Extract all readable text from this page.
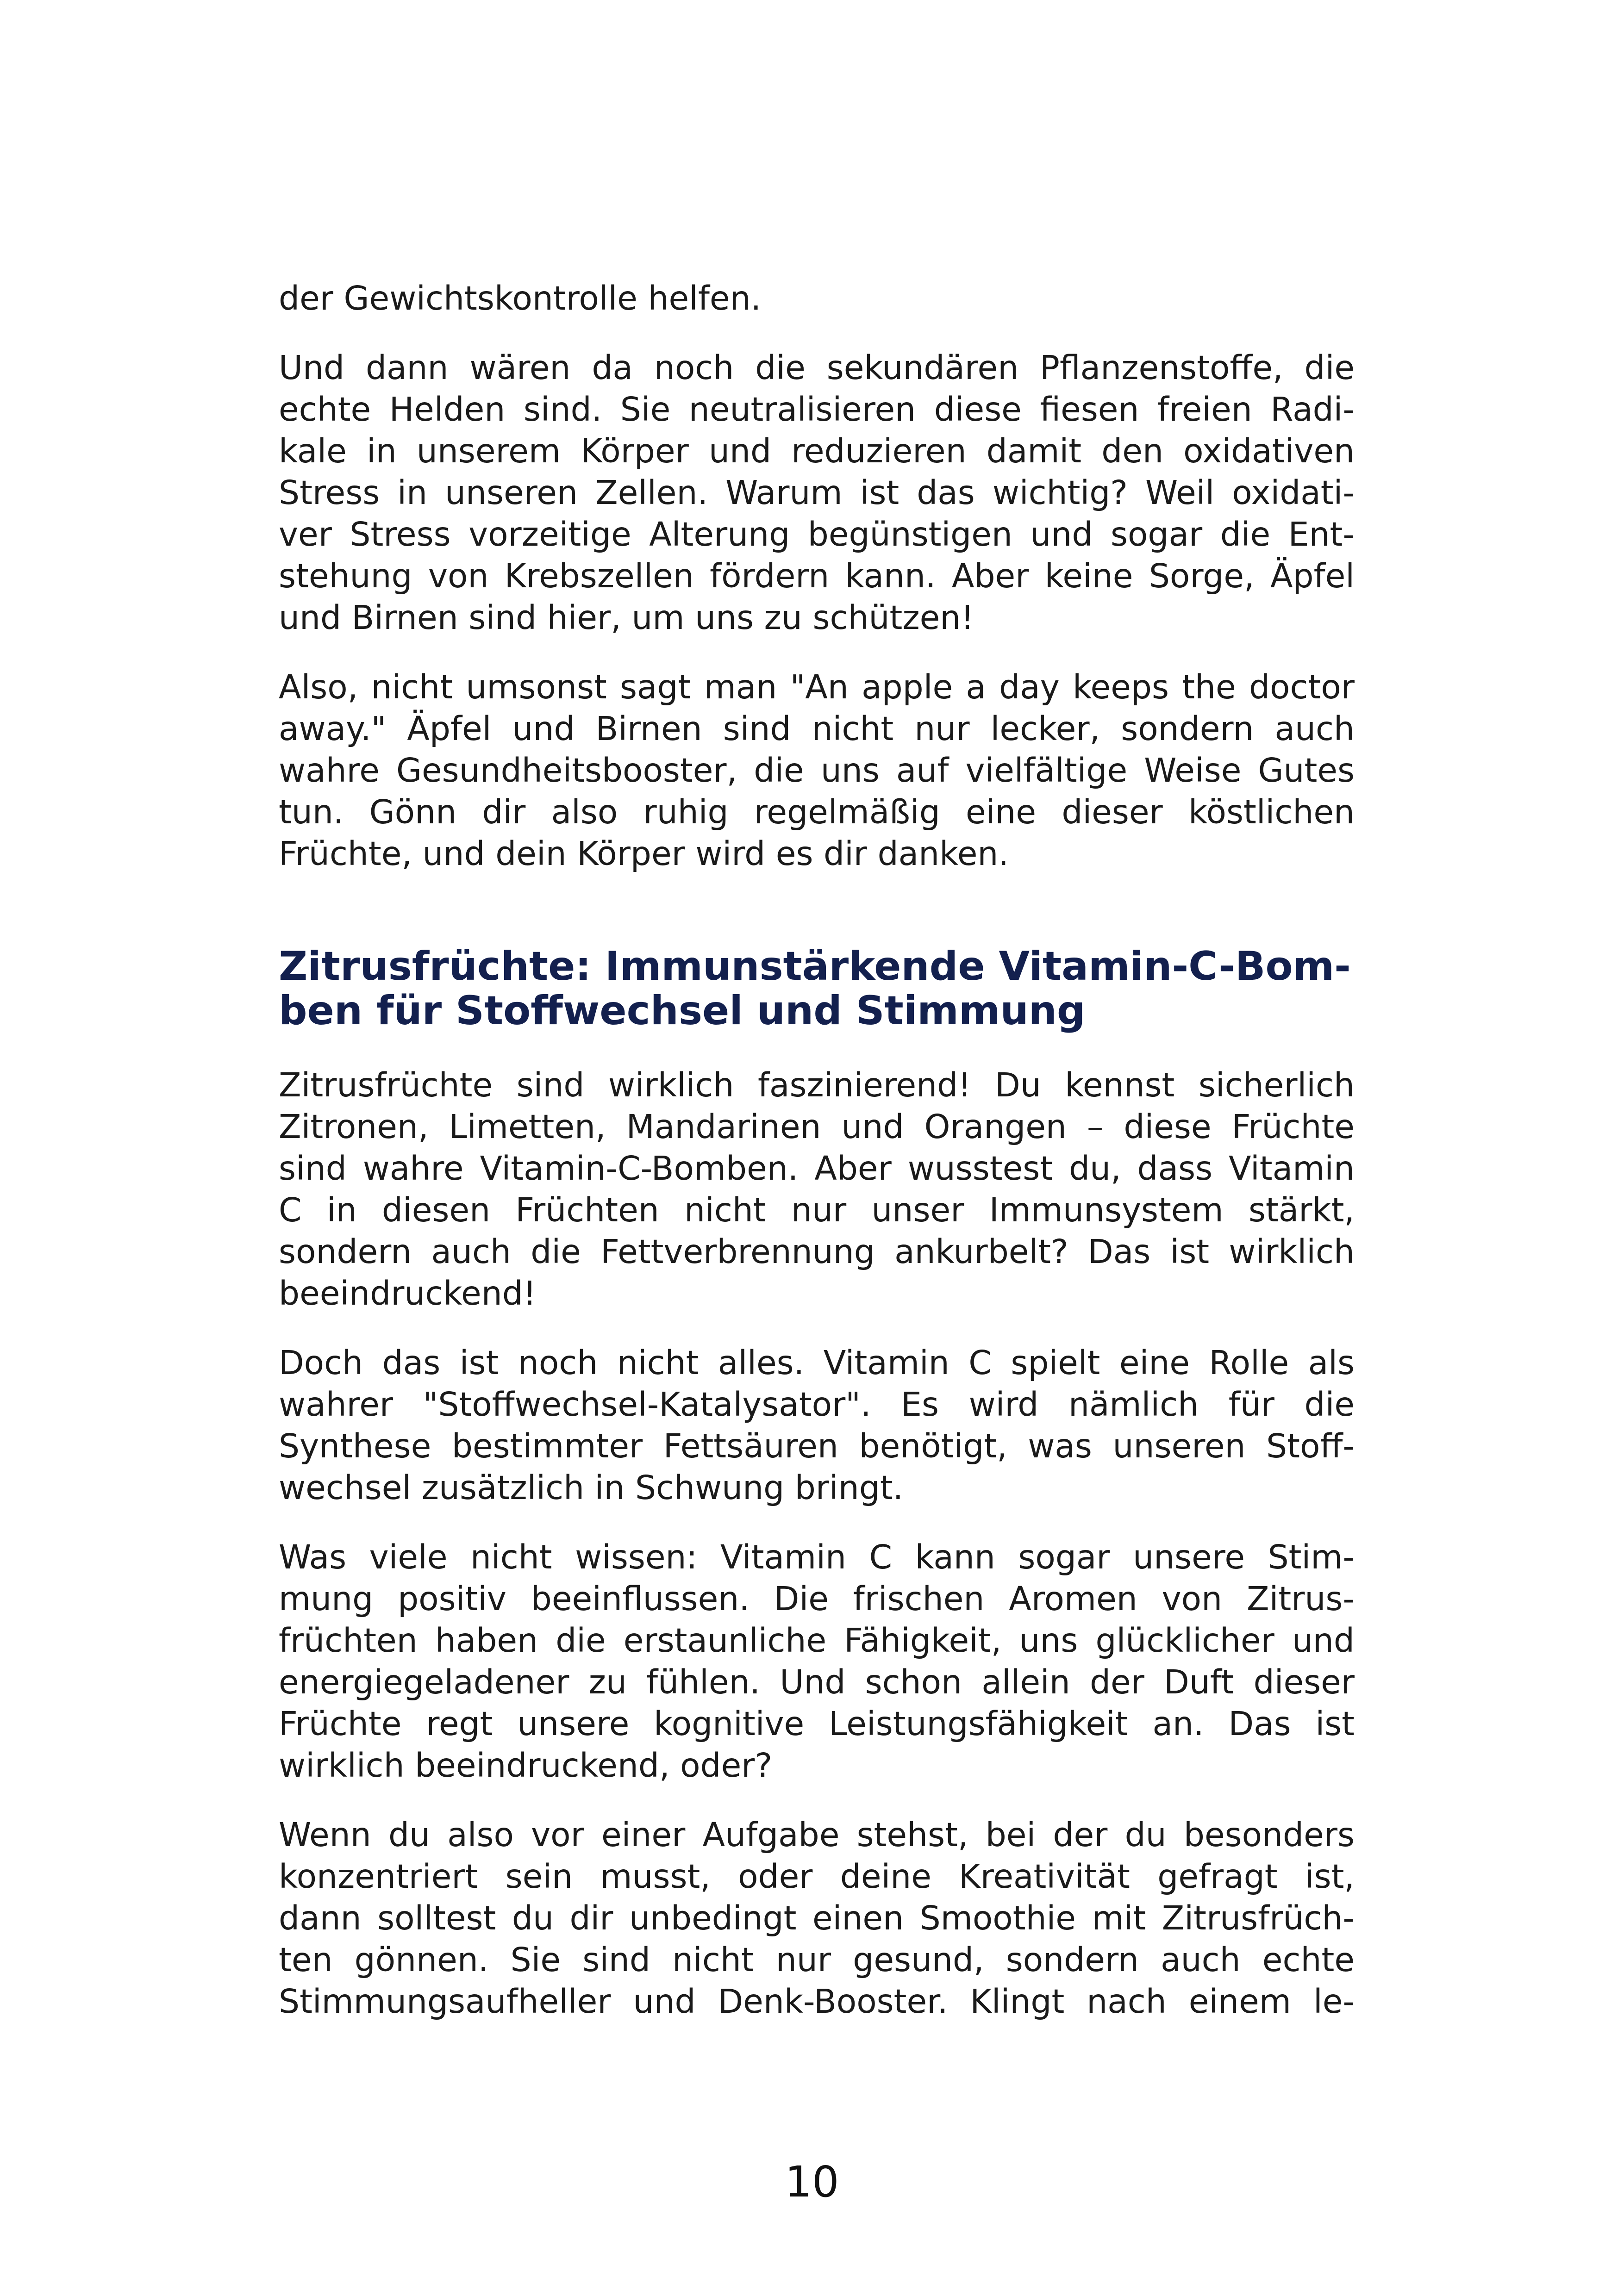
der Gewichtskontrolle helfen.

Und dann wären da noch die sekundären Pflanzenstoffe, die
echte Helden sind. Sie neutralisieren diese fiesen freien Radi-
kale in unserem Körper und reduzieren damit den oxidativen
Stress in unseren Zellen. Warum ist das wichtig? Weil oxidati-
ver Stress vorzeitige Alterung begünstigen und sogar die Ent-
stehung von Krebszellen fördern kann. Aber keine Sorge, Äpfel
und Birnen sind hier, um uns zu schützen!

Also, nicht umsonst sagt man "An apple a day keeps the doctor
away." Äpfel und Birnen sind nicht nur lecker, sondern auch
wahre Gesundheitsbooster, die uns auf vielfältige Weise Gutes
tun. Gönn dir also ruhig regelmäßig eine dieser köstlichen
Früchte, und dein Körper wird es dir danken.

Zitrusfrüchte: Immunstärkende Vitamin-C-Bom-
ben für Stoffwechsel und Stimmung

Zitrusfrüchte sind wirklich faszinierend! Du kennst sicherlich
Zitronen, Limetten, Mandarinen und Orangen – diese Früchte
sind wahre Vitamin-C-Bomben. Aber wusstest du, dass Vitamin
C in diesen Früchten nicht nur unser Immunsystem stärkt,
sondern auch die Fettverbrennung ankurbelt? Das ist wirklich
beeindruckend!

Doch das ist noch nicht alles. Vitamin C spielt eine Rolle als
wahrer "Stoffwechsel-Katalysator". Es wird nämlich für die
Synthese bestimmter Fettsäuren benötigt, was unseren Stoff-
wechsel zusätzlich in Schwung bringt.

Was viele nicht wissen: Vitamin C kann sogar unsere Stim-
mung positiv beeinflussen. Die frischen Aromen von Zitrus-
früchten haben die erstaunliche Fähigkeit, uns glücklicher und
energiegeladener zu fühlen. Und schon allein der Duft dieser
Früchte regt unsere kognitive Leistungsfähigkeit an. Das ist
wirklich beeindruckend, oder?

Wenn du also vor einer Aufgabe stehst, bei der du besonders
konzentriert sein musst, oder deine Kreativität gefragt ist,
dann solltest du dir unbedingt einen Smoothie mit Zitrusfrüch-
ten gönnen. Sie sind nicht nur gesund, sondern auch echte
Stimmungsaufheller und Denk-Booster. Klingt nach einem le-

10
